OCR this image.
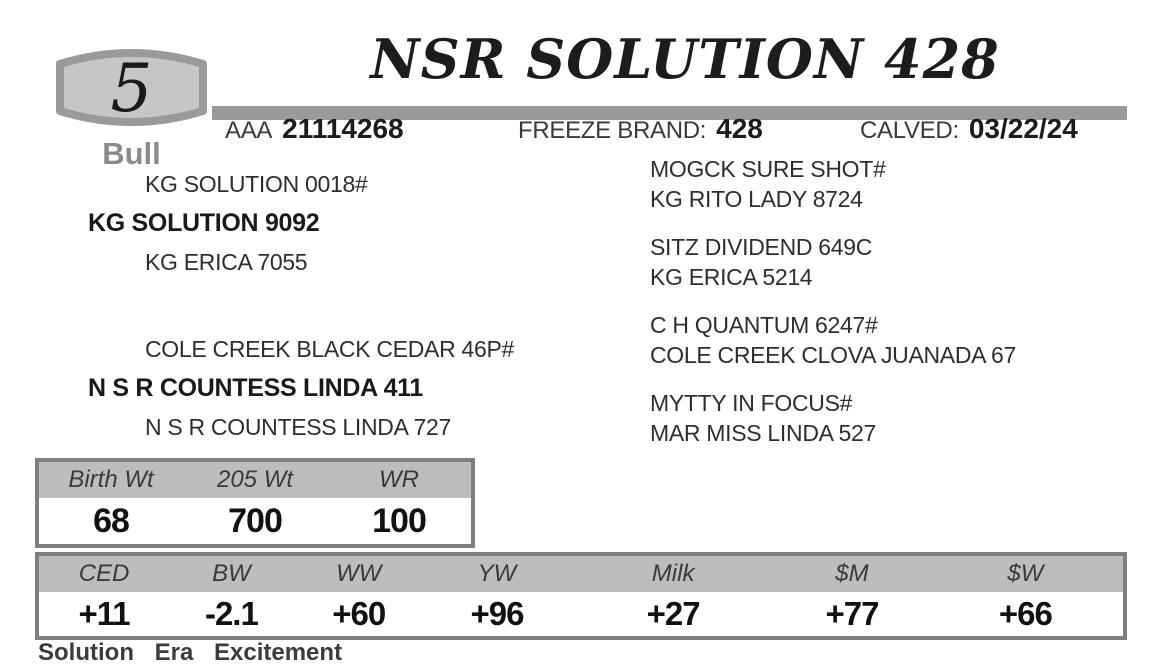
5
Bull
NSR SOLUTION 428
AAA 21114268	FREEZE BRAND: 428	CALVED: 03/22/24
KG SOLUTION 0018#
KG SOLUTION 9092
KG ERICA 7055
COLE CREEK BLACK CEDAR 46P#
N S R COUNTESS LINDA 411
N S R COUNTESS LINDA 727
MOGCK SURE SHOT#
KG RITO LADY 8724
SITZ DIVIDEND 649C
KG ERICA 5214
C H QUANTUM 6247#
COLE CREEK CLOVA JUANADA 67
MYTTY IN FOCUS#
MAR MISS LINDA 527
Birth Wt	205 Wt	WR
68	700	100
CED	BW	WW	YW	Milk	$M	$W
+11	-2.1	+60	+96	+27	+77	+66
Solution Era Excitement
